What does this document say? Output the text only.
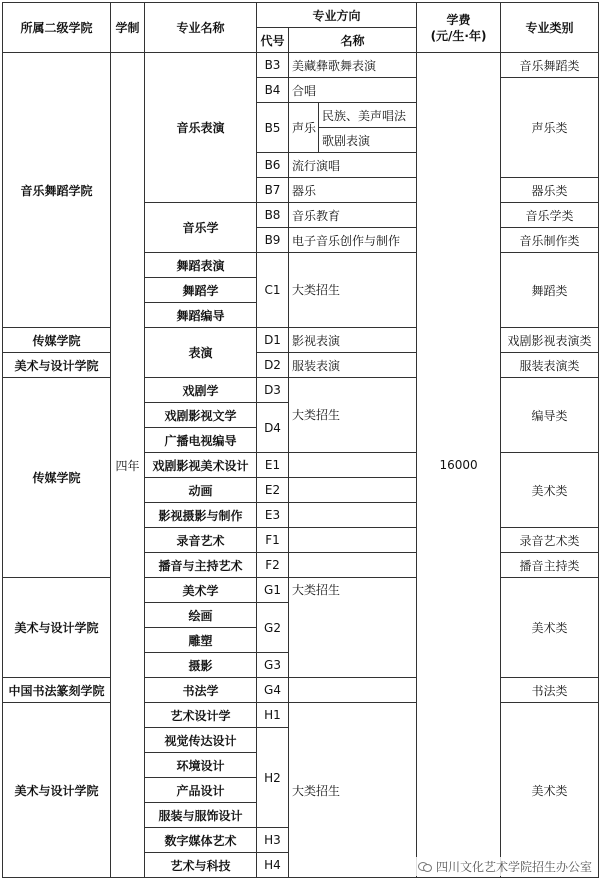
所属二级学院	学制	专业名称	专业方向			学费
(元/生·年)	专业类别
			代号	名称			
音乐舞蹈学院	四年	音乐表演	B3	美藏彝歌舞表演		16000	音乐舞蹈类
			B4	合唱			声乐类
			B5	声乐	民族、美声唱法		
					歌剧表演		
			B6	流行演唱			
			B7	器乐			器乐类
		音乐学	B8	音乐教育			音乐学类
			B9	电子音乐创作与制作			音乐制作类
		舞蹈表演	C1	大类招生			舞蹈类
		舞蹈学					
		舞蹈编导					
传媒学院		表演	D1	影视表演			戏剧影视表演类
美术与设计学院			D2	服装表演			服装表演类
传媒学院		戏剧学	D3	大类招生			编导类
		戏剧影视文学	D4				
		广播电视编导					
		戏剧影视美术设计	E1				美术类
		动画	E2				
		影视摄影与制作	E3				
		录音艺术	F1				录音艺术类
		播音与主持艺术	F2				播音主持类
美术与设计学院		美术学	G1	大类招生			美术类
		绘画	G2				
		雕塑					
		摄影	G3				
中国书法篆刻学院		书法学	G4				书法类
美术与设计学院		艺术设计学	H1	大类招生			美术类
		视觉传达设计	H2				
		环境设计					
		产品设计					
		服装与服饰设计					
		数字媒体艺术	H3				
		艺术与科技	H4					四川文化艺术学院招生办公室
